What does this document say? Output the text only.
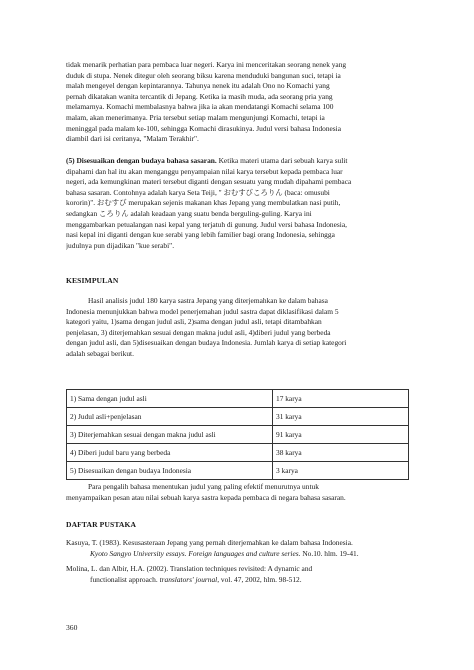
tidak menarik perhatian para pembaca luar negeri. Karya ini menceritakan seorang nenek yang
duduk di stupa. Nenek ditegur oleh seorang biksu karena menduduki bangunan suci, tetapi ia
malah mengeyel dengan kepintarannya. Tahunya nenek itu adalah Ono no Komachi yang
pernah dikatakan wanita tercantik di Jepang. Ketika ia masih muda, ada seorang pria yang
melamarnya. Komachi membalasnya bahwa jika ia akan mendatangi Komachi selama 100
malam, akan menerimanya. Pria tersebut setiap malam mengunjungi Komachi, tetapi ia
meninggal pada malam ke-100, sehingga Komachi dirasukinya. Judul versi bahasa Indonesia
diambil dari isi ceritanya, "Malam Terakhir".
(5) Disesuaikan dengan budaya bahasa sasaran. Ketika materi utama dari sebuah karya sulit
dipahami dan hal itu akan menganggu penyampaian nilai karya tersebut kepada pembaca luar
negeri, ada kemungkinan materi tersebut diganti dengan sesuatu yang mudah dipahami pembaca
bahasa sasaran. Contohnya adalah karya Seta Teiji, " おむすびころりん (baca: omusubi
kororin)". おむすび merupakan sejenis makanan khas Jepang yang membulatkan nasi putih,
sedangkan ころりん adalah keadaan yang suatu benda berguling-guling. Karya ini
menggambarkan petualangan nasi kepal yang terjatuh di gunung. Judul versi bahasa Indonesia,
nasi kepal ini diganti dengan kue serabi yang lebih familier bagi orang Indonesia, sehingga
judulnya pun dijadikan "kue serabi".
KESIMPULAN
Hasil analisis judul 180 karya sastra Jepang yang diterjemahkan ke dalam bahasa
Indonesia menunjukkan bahwa model penerjemahan judul sastra dapat diklasifikasi dalam 5
kategori yaitu, 1)sama dengan judul asli, 2)sama dengan judul asli, tetapi ditambahkan
penjelasan, 3) diterjemahkan sesuai dengan makna judul asli, 4)diberi judul yang berbeda
dengan judul asli, dan 5)disesuaikan dengan budaya Indonesia. Jumlah karya di setiap kategori
adalah sebagai berikut.
1) Sama dengan judul asli	17 karya
2) Judul asli+penjelasan	31 karya
3) Diterjemahkan sesuai dengan makna judul asli	91 karya
4) Diberi judul baru yang berbeda	38 karya
5) Disesuaikan dengan budaya Indonesia	3 karya
Para pengalih bahasa menentukan judul yang paling efektif menurutnya untuk
menyampaikan pesan atau nilai sebuah karya sastra kepada pembaca di negara bahasa sasaran.
DAFTAR PUSTAKA
Kasuya, T. (1983). Kesusasteraan Jepang yang pernah diterjemahkan ke dalam bahasa Indonesia.
Kyoto Sangyo University essays. Foreign languages and culture series. No.10. hlm. 19-41.
Molina, L. dan Albir, H.A. (2002). Translation techniques revisited: A dynamic and
functionalist approach. translators' journal, vol. 47, 2002, hlm. 98-512.
360
